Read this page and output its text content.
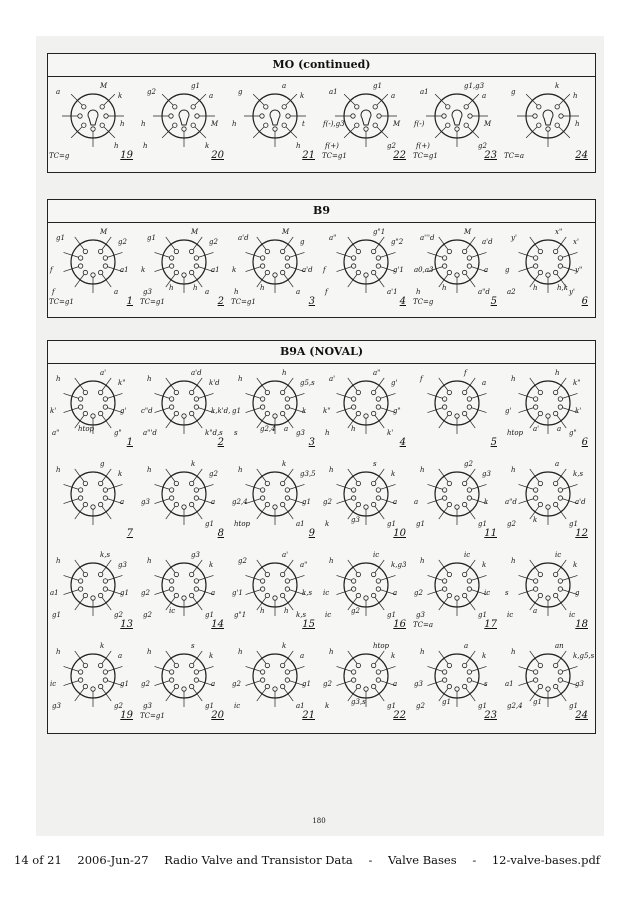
MO (continued)
a
M
k
h
h
TC=g	19
g2
g1
a
M
k
h
h
20
g
a
k
t
h
h
21
a1
g1
a
M
g2
f(-),g3
f(+)
TC=g1	22
a1
g1,g3
a
M
g2
f(-)
f(+)
TC=g1	23
g
k
h
h
TC=a	24
B9
g1
M
g2
a1
a
f
f
TC=g1	1
g1
M
g2
a1
a
k
g3 h	h
TC=g1	2
a'd
M
g
a'd
a
k
h	h
TC=g1	3
a"
g"1
g"2
g'1
a'1
f
f
4
a'''d
M
a'd
a
a"d
a0,a3
h	h
TC=g	5
y'
x"
x'
y"
y'
g
a2 h	h,k
6
B9A (NOVAL)
h
a'
k"
g'
g"
k'
a"	htop
1
h
a'd
k'd
k,k'd,
k"d,s
c"d
a"'d
2
h
h
g5,s
k
g3
g1
s	g2,4 a
3
a'
a"
g'
g"
k'
k"
h	h
4
f
f
a
5
h
h
k"
k'
g"
g'
htop a'	a
6
h
g
k
a
7
h
k
g2
a
g1
g3
8
h
k
g3,5
g1
a1
g2,4
htop
9
h
s
k
a
g1
g2
k	g3
10
h
g2
g3
k
g1
a
g1
11
h
a
k,s
a'd
g1
a"d
g2 k
12
h
k,s
g3
g1
g2
a1
g1
13
h
g3
k
a
g1
g2
g2 ic
14
g2
a'
a"
k,s
k,s
g'1
g"1 h	h
15
h
ic
k,g3
a
g1
ic
ic	g2
16
h
ic
k
ic
g1
g2
g3
TC=a	17
h
ic
k
g
ic
s
ic	a
18
h
k
a
g1
g2
ic
g3
19
h
s
k
a
g1
g2
g3
TC=g1	20
h
k
a
g1
a1
g2
ic
21
h
htop
k
a
g1
g2
k	g3,s
22
h
a
k
s
g1
g3
g2 g1
23
h
an
k,g5,s
g3
g1
a1
g2,4 g1
24
180
14 of 21 2006-Jun-27 Radio Valve and Transistor Data - Valve Bases - 12-valve-bases.pdf
